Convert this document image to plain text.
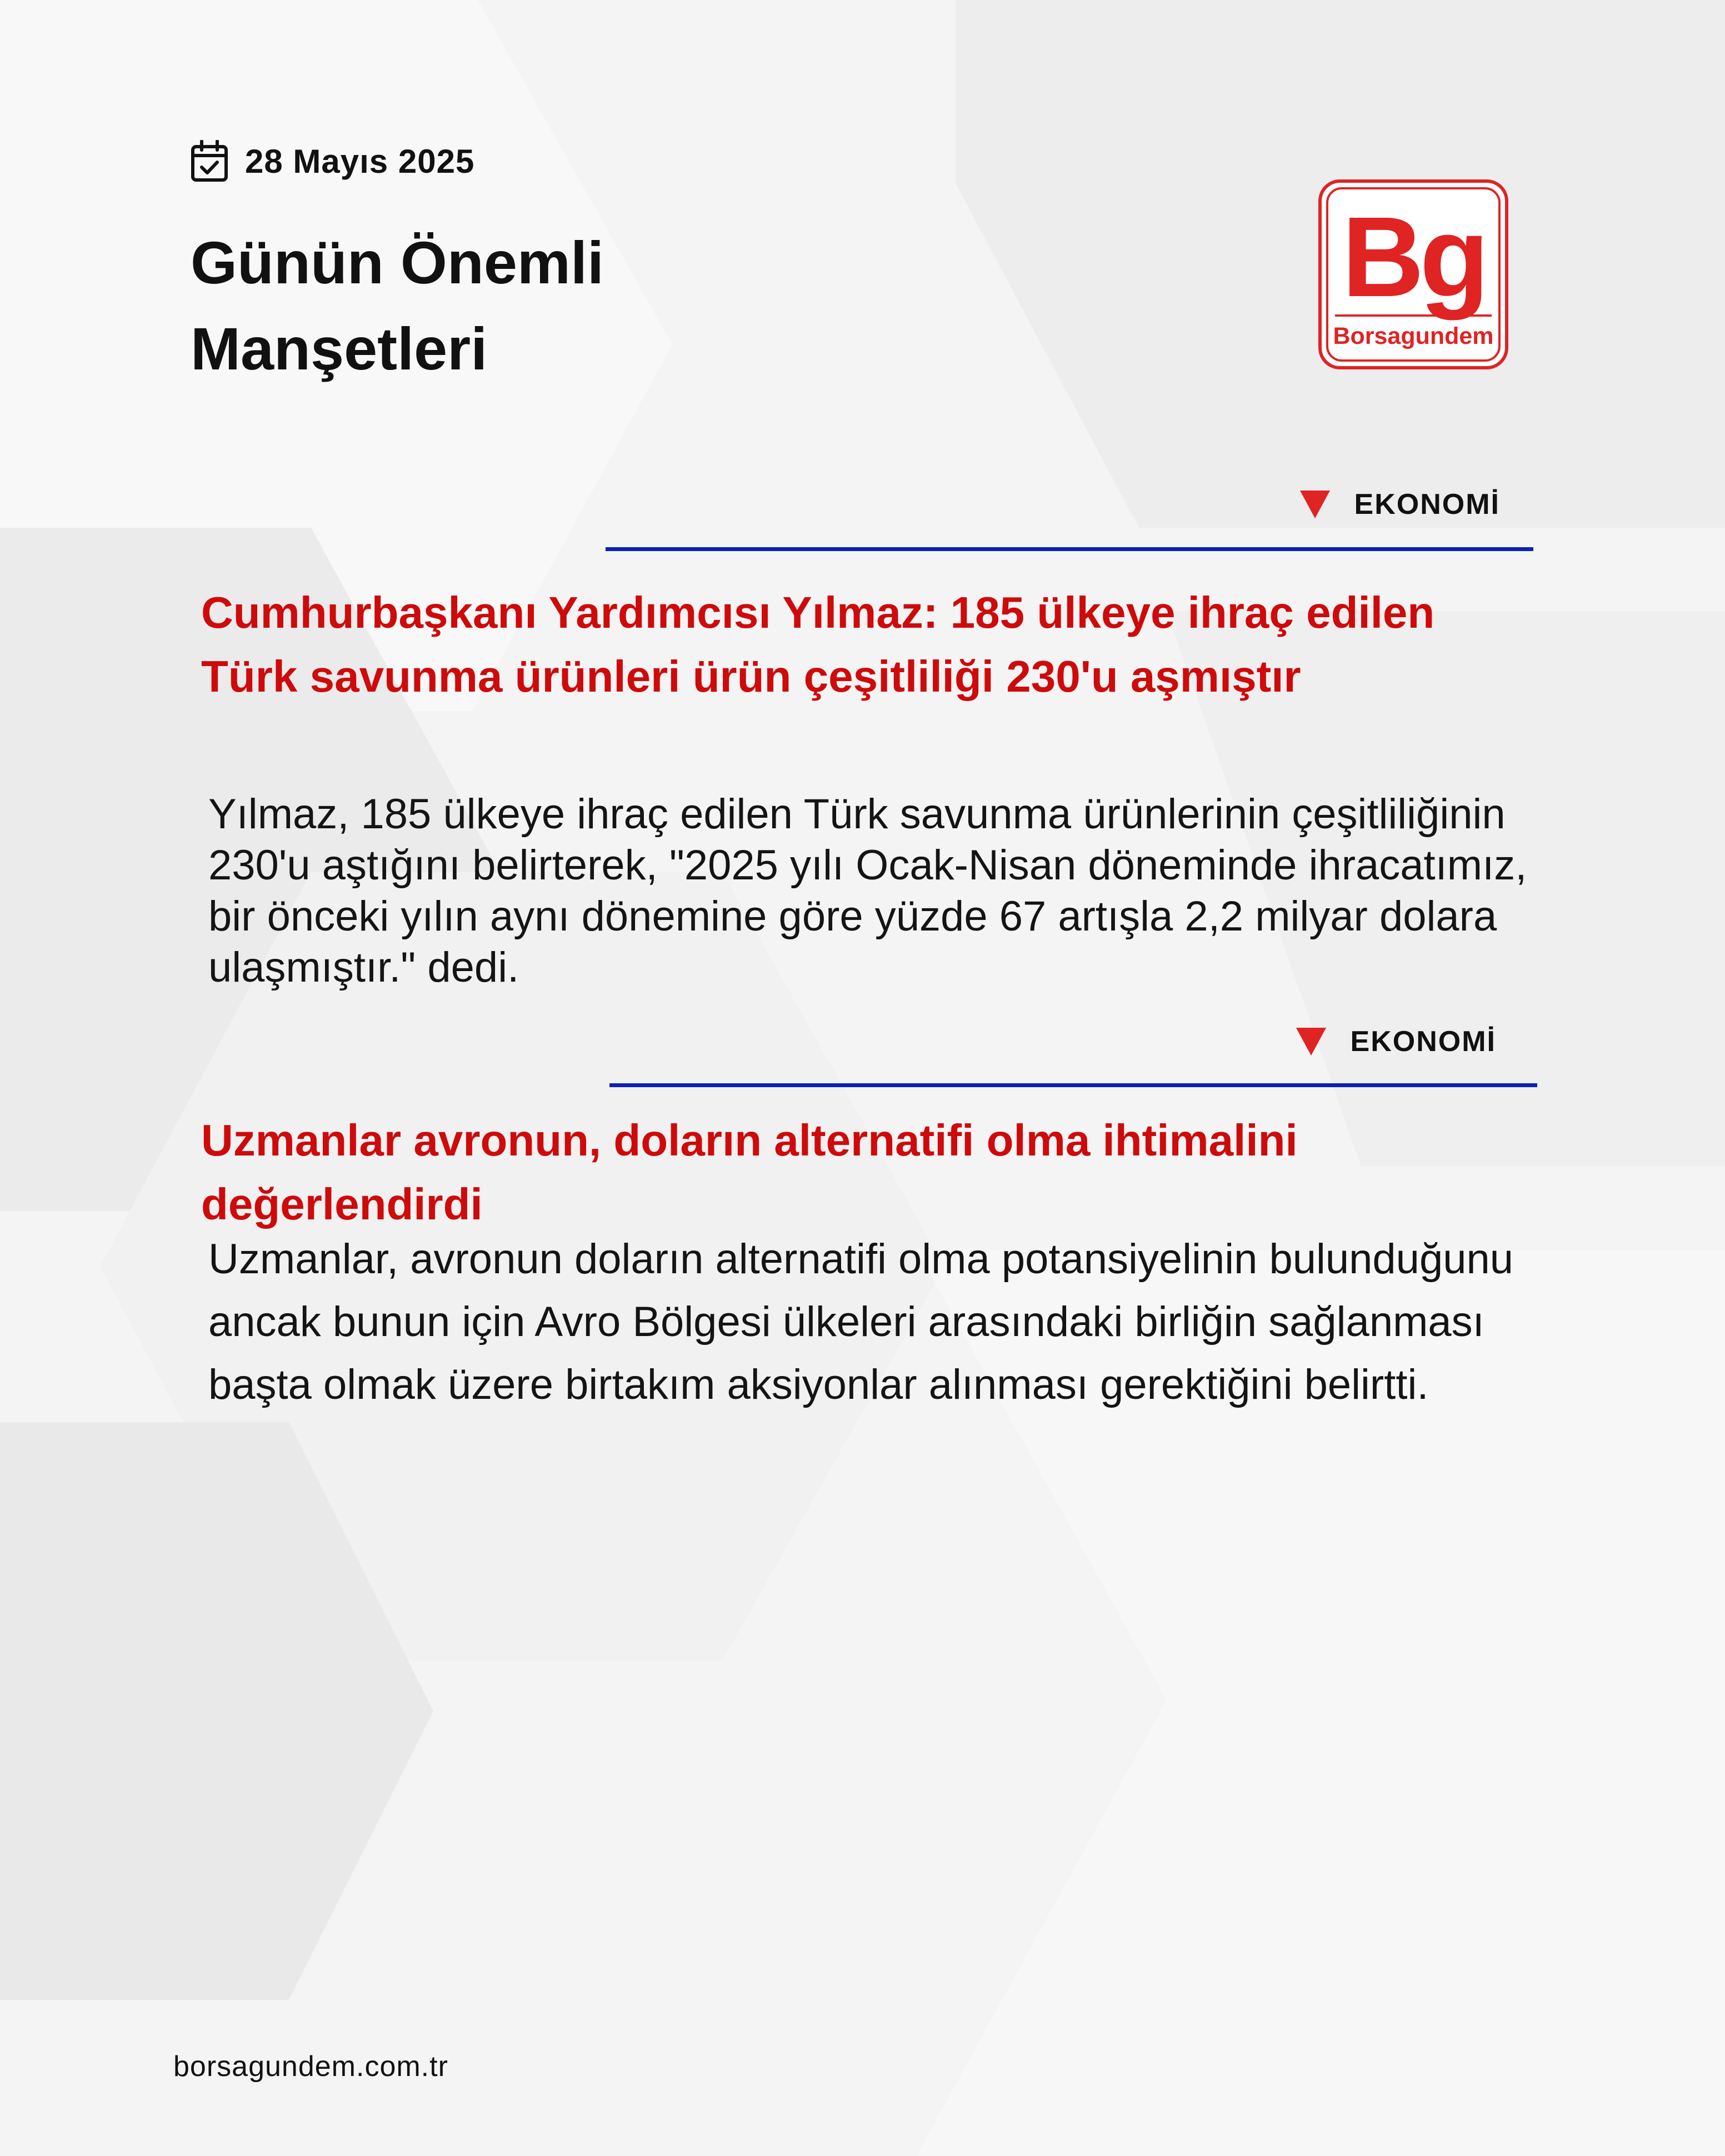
28 Mayıs 2025
Günün Önemli Manşetleri
Bg
Borsagundem
EKONOMİ
Cumhurbaşkanı Yardımcısı Yılmaz: 185 ülkeye ihraç edilen Türk savunma ürünleri ürün çeşitliliği 230'u aşmıştır

Yılmaz, 185 ülkeye ihraç edilen Türk savunma ürünlerinin çeşitliliğinin 230'u aştığını belirterek, "2025 yılı Ocak-Nisan döneminde ihracatımız, bir önceki yılın aynı dönemine göre yüzde 67 artışla 2,2 milyar dolara ulaşmıştır." dedi.

EKONOMİ
Uzmanlar avronun, doların alternatifi olma ihtimalini değerlendirdi

Uzmanlar, avronun doların alternatifi olma potansiyelinin bulunduğunu ancak bunun için Avro Bölgesi ülkeleri arasındaki birliğin sağlanması başta olmak üzere birtakım aksiyonlar alınması gerektiğini belirtti.

borsagundem.com.tr
